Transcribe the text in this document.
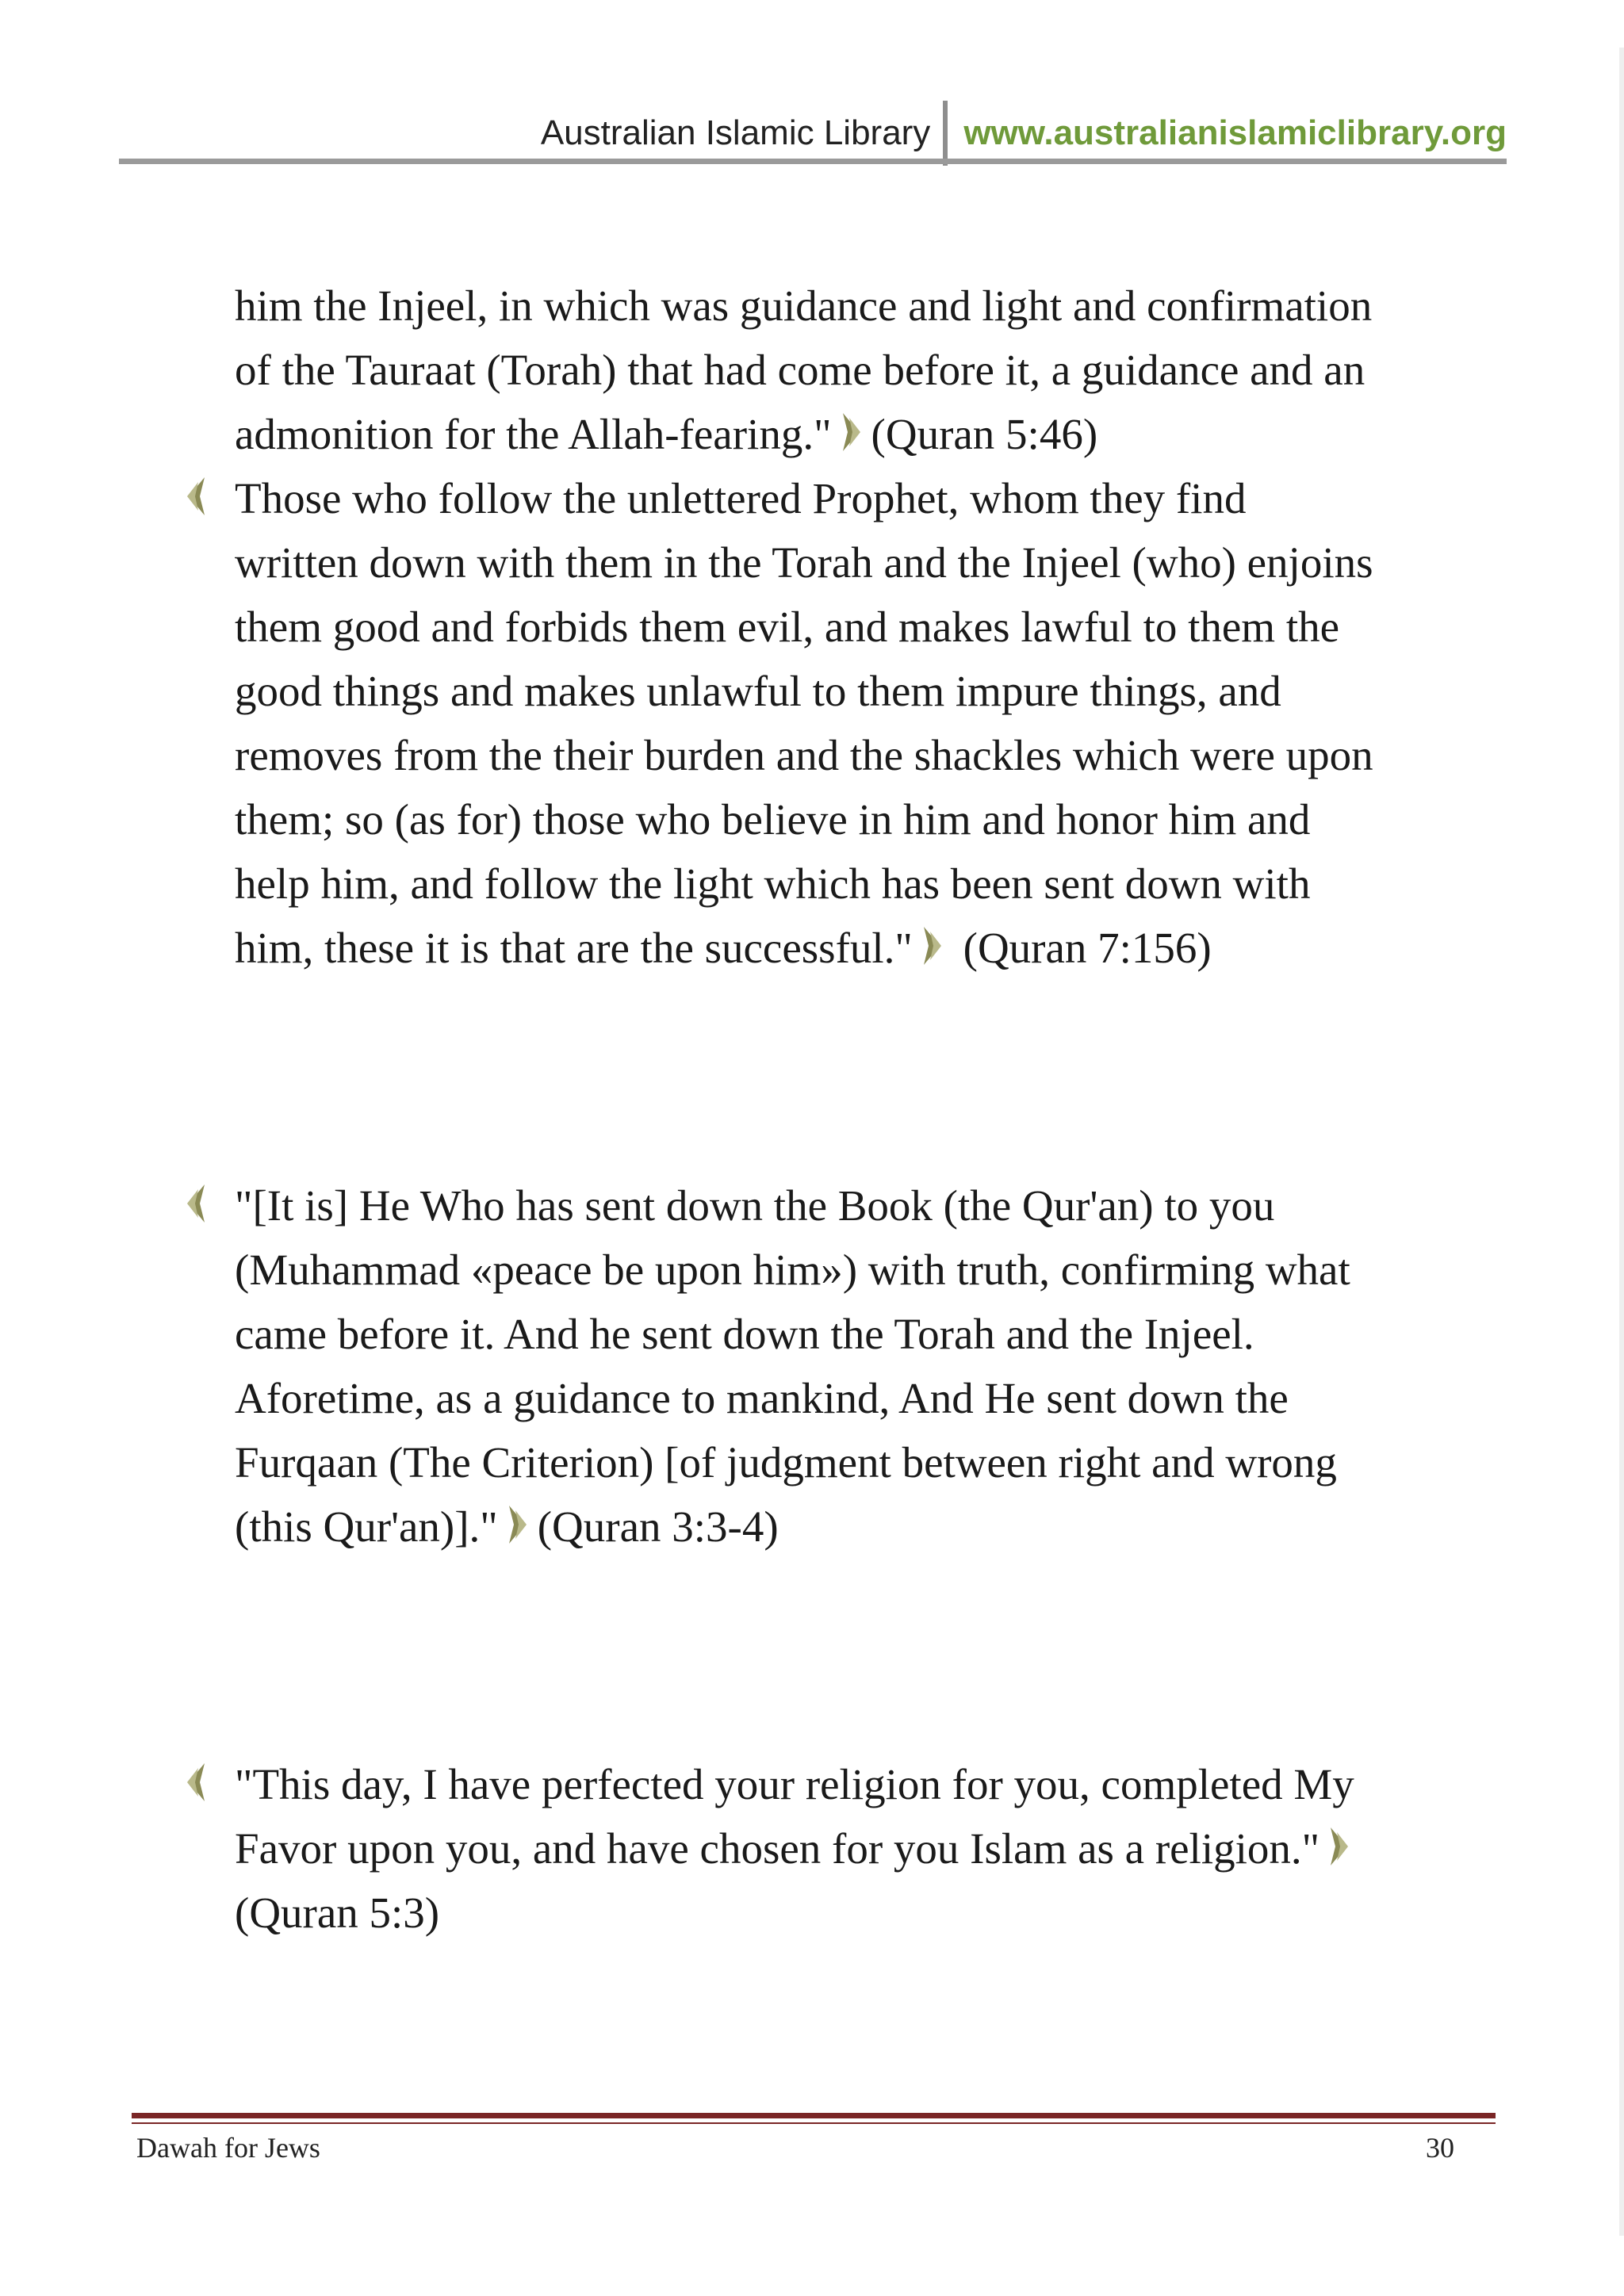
Australian Islamic Library www.australianislamiclibrary.org
him the Injeel, in which was guidance and light and confirmation
of the Tauraat (Torah) that had come before it, a guidance and an
admonition for the Allah-fearing." (Quran 5:46)
Those who follow the unlettered Prophet, whom they find
written down with them in the Torah and the Injeel (who) enjoins
them good and forbids them evil, and makes lawful to them the
good things and makes unlawful to them impure things, and
removes from the their burden and the shackles which were upon
them; so (as for) those who believe in him and honor him and
help him, and follow the light which has been sent down with
him, these it is that are the successful." (Quran 7:156)
"[It is] He Who has sent down the Book (the Qur'an) to you
(Muhammad «peace be upon him») with truth, confirming what
came before it. And he sent down the Torah and the Injeel.
Aforetime, as a guidance to mankind, And He sent down the
Furqaan (The Criterion) [of judgment between right and wrong
(this Qur'an)]." (Quran 3:3-4)
"This day, I have perfected your religion for you, completed My
Favor upon you, and have chosen for you Islam as a religion."
(Quran 5:3)
Dawah for Jews	30
